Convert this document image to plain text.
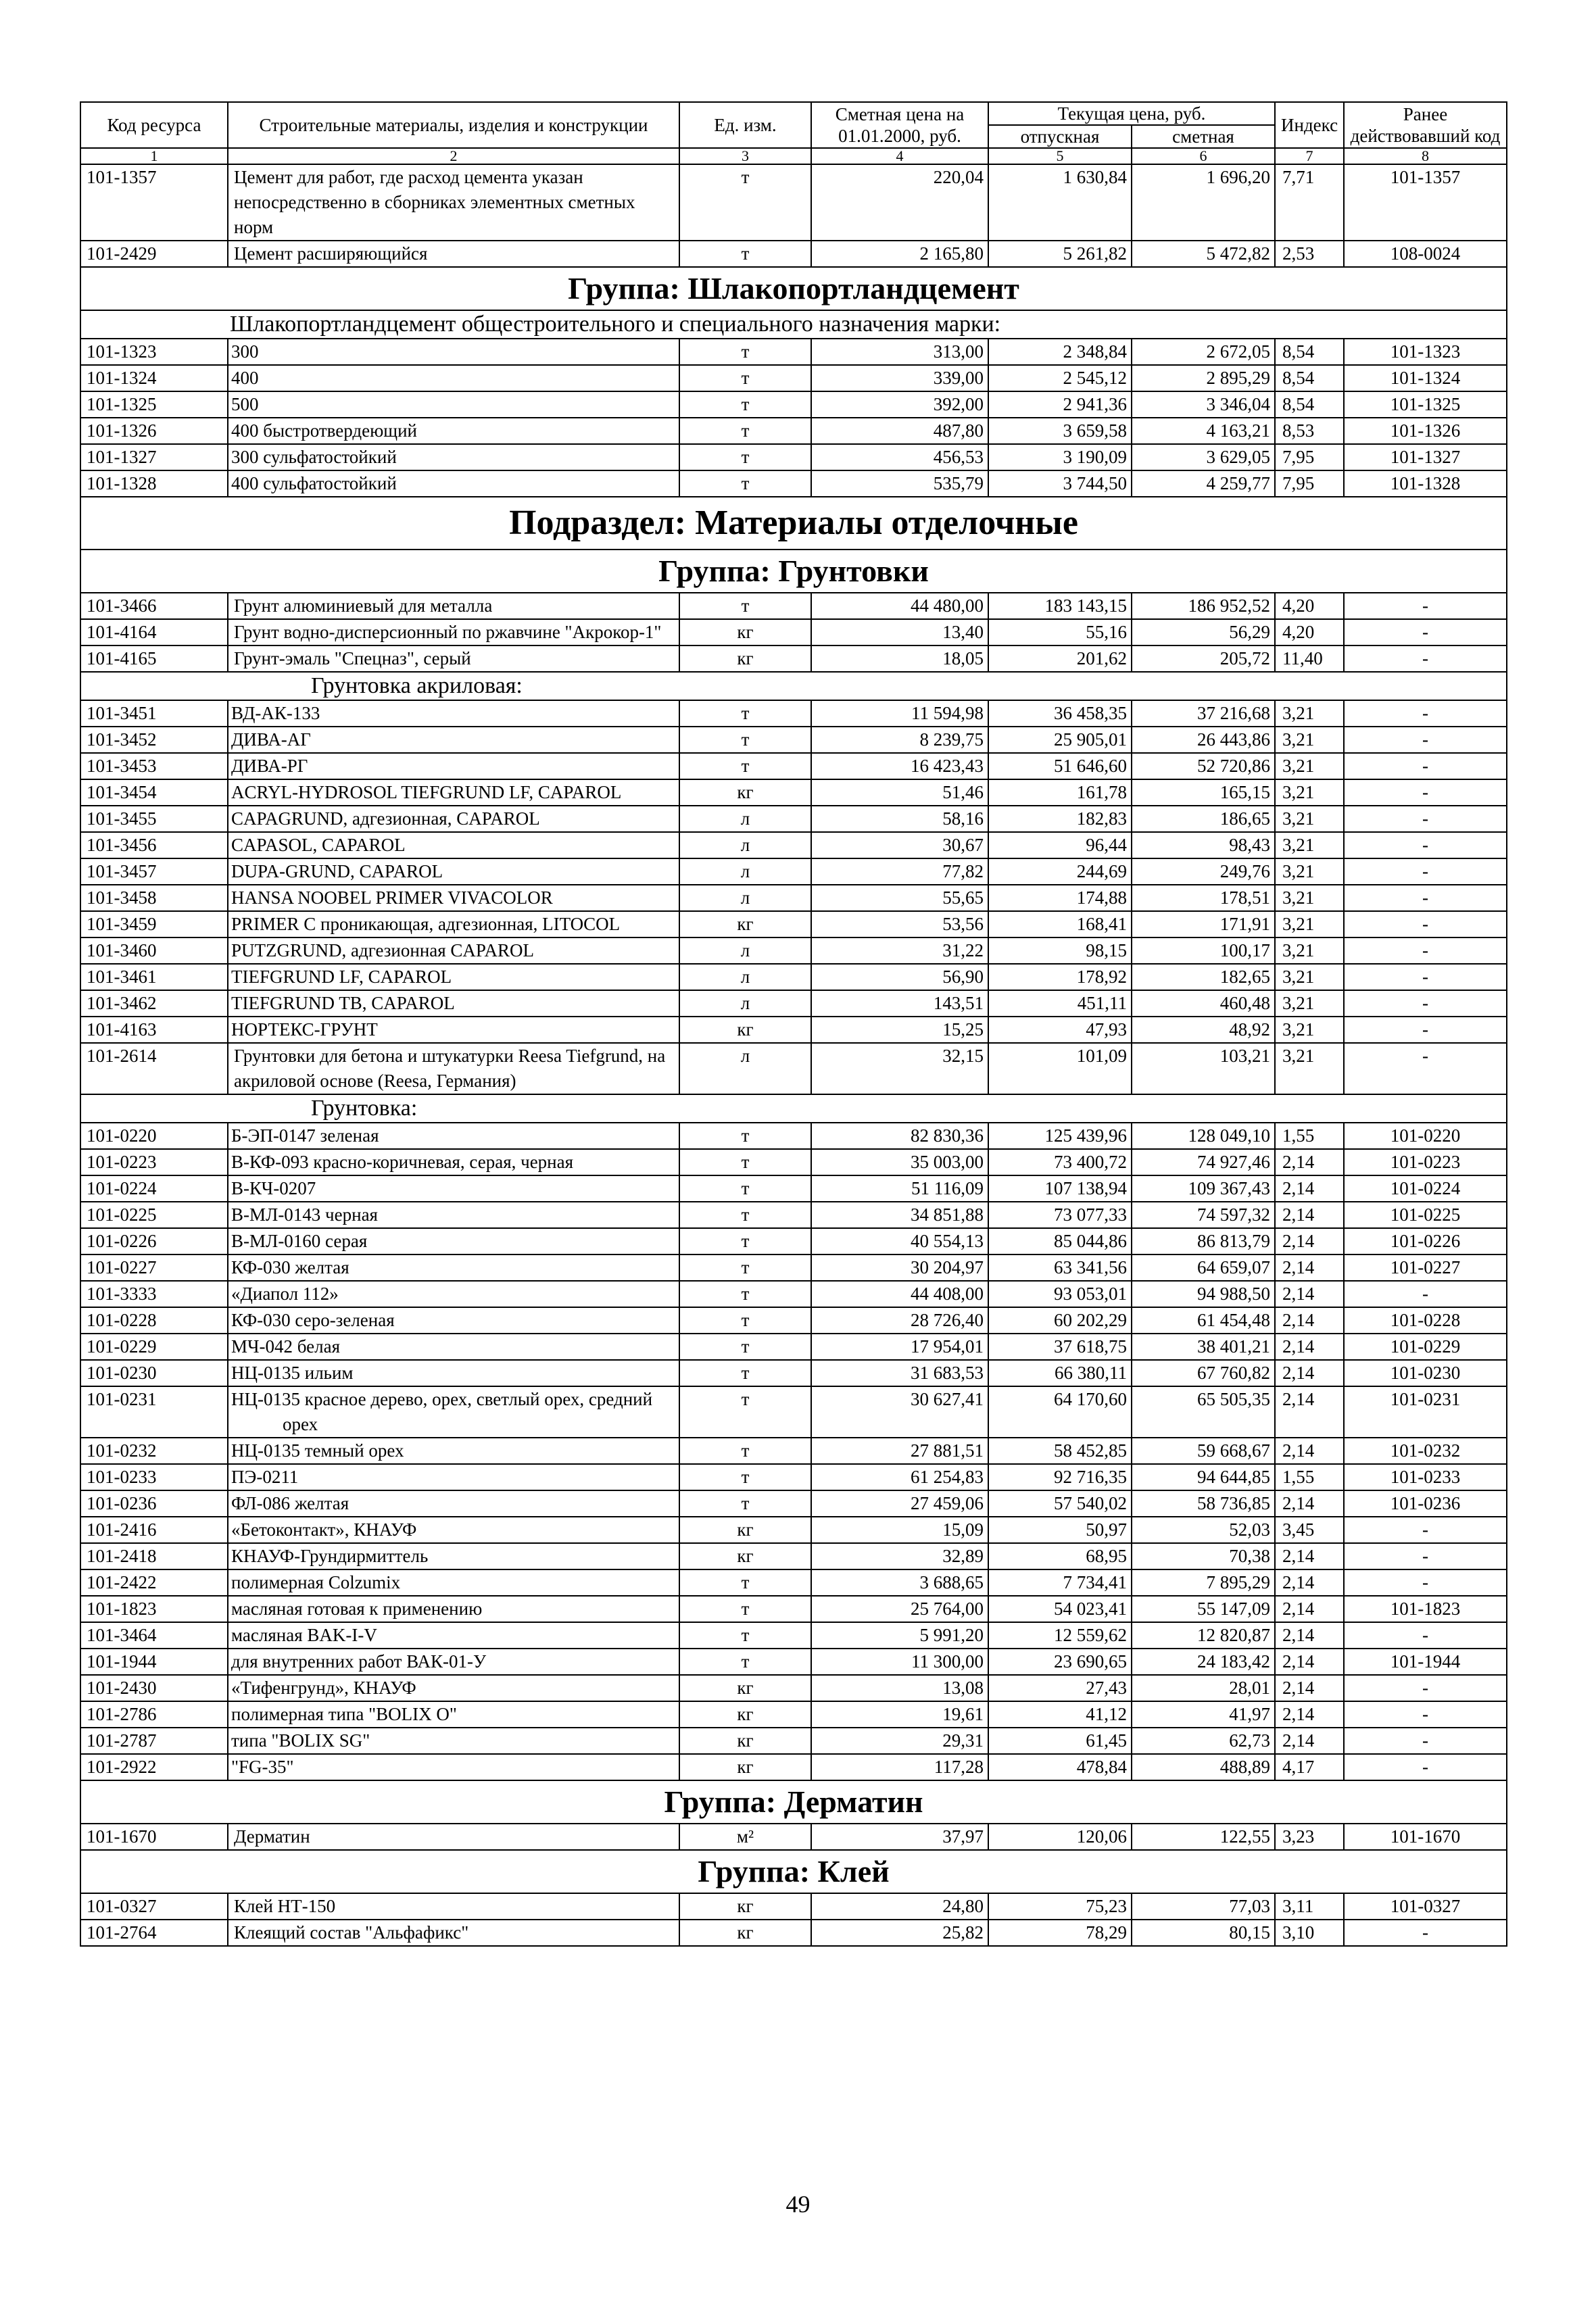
Код ресурса	Строительные материалы, изделия и конструкции	Ед. изм.	Сметная цена на 01.01.2000, руб.	Текущая цена, руб.		Индекс	Ранее действовавший код
				отпускная	сметная		
1	2	3	4	5	6	7	8
101-1357	Цемент для работ, где расход цемента указан непосредственно в сборниках элементных сметных норм	т	220,04	1 630,84	1 696,20	7,71	101-1357
101-2429	Цемент расширяющийся	т	2 165,80	5 261,82	5 472,82	2,53	108-0024
Группа: Шлакопортландцемент							
Шлакопортландцемент общестроительного и специального назначения марки:							
101-1323	300	т	313,00	2 348,84	2 672,05	8,54	101-1323
101-1324	400	т	339,00	2 545,12	2 895,29	8,54	101-1324
101-1325	500	т	392,00	2 941,36	3 346,04	8,54	101-1325
101-1326	400 быстротвердеющий	т	487,80	3 659,58	4 163,21	8,53	101-1326
101-1327	300 сульфатостойкий	т	456,53	3 190,09	3 629,05	7,95	101-1327
101-1328	400 сульфатостойкий	т	535,79	3 744,50	4 259,77	7,95	101-1328
Подраздел: Материалы отделочные							
Группа: Грунтовки							
101-3466	Грунт алюминиевый для металла	т	44 480,00	183 143,15	186 952,52	4,20	-
101-4164	Грунт водно-дисперсионный по ржавчине "Акрокор-1"	кг	13,40	55,16	56,29	4,20	-
101-4165	Грунт-эмаль "Спецназ", серый	кг	18,05	201,62	205,72	11,40	-
Грунтовка акриловая:							
101-3451	ВД-АК-133	т	11 594,98	36 458,35	37 216,68	3,21	-
101-3452	ДИВА-АГ	т	8 239,75	25 905,01	26 443,86	3,21	-
101-3453	ДИВА-РГ	т	16 423,43	51 646,60	52 720,86	3,21	-
101-3454	ACRYL-HYDROSOL TIEFGRUND LF, CAPAROL	кг	51,46	161,78	165,15	3,21	-
101-3455	CAPAGRUND, адгезионная, CAPAROL	л	58,16	182,83	186,65	3,21	-
101-3456	CAPASOL, CAPAROL	л	30,67	96,44	98,43	3,21	-
101-3457	DUPA-GRUND, CAPAROL	л	77,82	244,69	249,76	3,21	-
101-3458	HANSA NOOBEL PRIMER VIVACOLOR	л	55,65	174,88	178,51	3,21	-
101-3459	PRIMER C проникающая, адгезионная, LITOCOL	кг	53,56	168,41	171,91	3,21	-
101-3460	PUTZGRUND, адгезионная CAPAROL	л	31,22	98,15	100,17	3,21	-
101-3461	TIEFGRUND LF, CAPAROL	л	56,90	178,92	182,65	3,21	-
101-3462	TIEFGRUND TB, CAPAROL	л	143,51	451,11	460,48	3,21	-
101-4163	НОРТЕКС-ГРУНТ	кг	15,25	47,93	48,92	3,21	-
101-2614	Грунтовки для бетона и штукатурки Reesa Tiefgrund, на акриловой основе (Reesa, Германия)	л	32,15	101,09	103,21	3,21	-
Грунтовка:							
101-0220	Б-ЭП-0147 зеленая	т	82 830,36	125 439,96	128 049,10	1,55	101-0220
101-0223	В-КФ-093 красно-коричневая, серая, черная	т	35 003,00	73 400,72	74 927,46	2,14	101-0223
101-0224	В-КЧ-0207	т	51 116,09	107 138,94	109 367,43	2,14	101-0224
101-0225	В-МЛ-0143 черная	т	34 851,88	73 077,33	74 597,32	2,14	101-0225
101-0226	В-МЛ-0160 серая	т	40 554,13	85 044,86	86 813,79	2,14	101-0226
101-0227	КФ-030 желтая	т	30 204,97	63 341,56	64 659,07	2,14	101-0227
101-3333	«Диапол 112»	т	44 408,00	93 053,01	94 988,50	2,14	-
101-0228	КФ-030 серо-зеленая	т	28 726,40	60 202,29	61 454,48	2,14	101-0228
101-0229	МЧ-042 белая	т	17 954,01	37 618,75	38 401,21	2,14	101-0229
101-0230	НЦ-0135 ильим	т	31 683,53	66 380,11	67 760,82	2,14	101-0230
101-0231	НЦ-0135 красное дерево, орех, светлый орех, средний орех	т	30 627,41	64 170,60	65 505,35	2,14	101-0231
101-0232	НЦ-0135 темный орех	т	27 881,51	58 452,85	59 668,67	2,14	101-0232
101-0233	ПЭ-0211	т	61 254,83	92 716,35	94 644,85	1,55	101-0233
101-0236	ФЛ-086 желтая	т	27 459,06	57 540,02	58 736,85	2,14	101-0236
101-2416	«Бетоконтакт», КНАУФ	кг	15,09	50,97	52,03	3,45	-
101-2418	КНАУФ-Грундирмиттель	кг	32,89	68,95	70,38	2,14	-
101-2422	полимерная Colzumix	т	3 688,65	7 734,41	7 895,29	2,14	-
101-1823	масляная готовая к применению	т	25 764,00	54 023,41	55 147,09	2,14	101-1823
101-3464	масляная BAK-I-V	т	5 991,20	12 559,62	12 820,87	2,14	-
101-1944	для внутренних работ ВАК-01-У	т	11 300,00	23 690,65	24 183,42	2,14	101-1944
101-2430	«Тифенгрунд», КНАУФ	кг	13,08	27,43	28,01	2,14	-
101-2786	полимерная типа "BOLIX O"	кг	19,61	41,12	41,97	2,14	-
101-2787	типа "BOLIX SG"	кг	29,31	61,45	62,73	2,14	-
101-2922	"FG-35"	кг	117,28	478,84	488,89	4,17	-
Группа: Дерматин							
101-1670	Дерматин	м²	37,97	120,06	122,55	3,23	101-1670
Группа: Клей							
101-0327	Клей НТ-150	кг	24,80	75,23	77,03	3,11	101-0327
101-2764	Клеящий состав "Альфафикс"	кг	25,82	78,29	80,15	3,10	-
49
